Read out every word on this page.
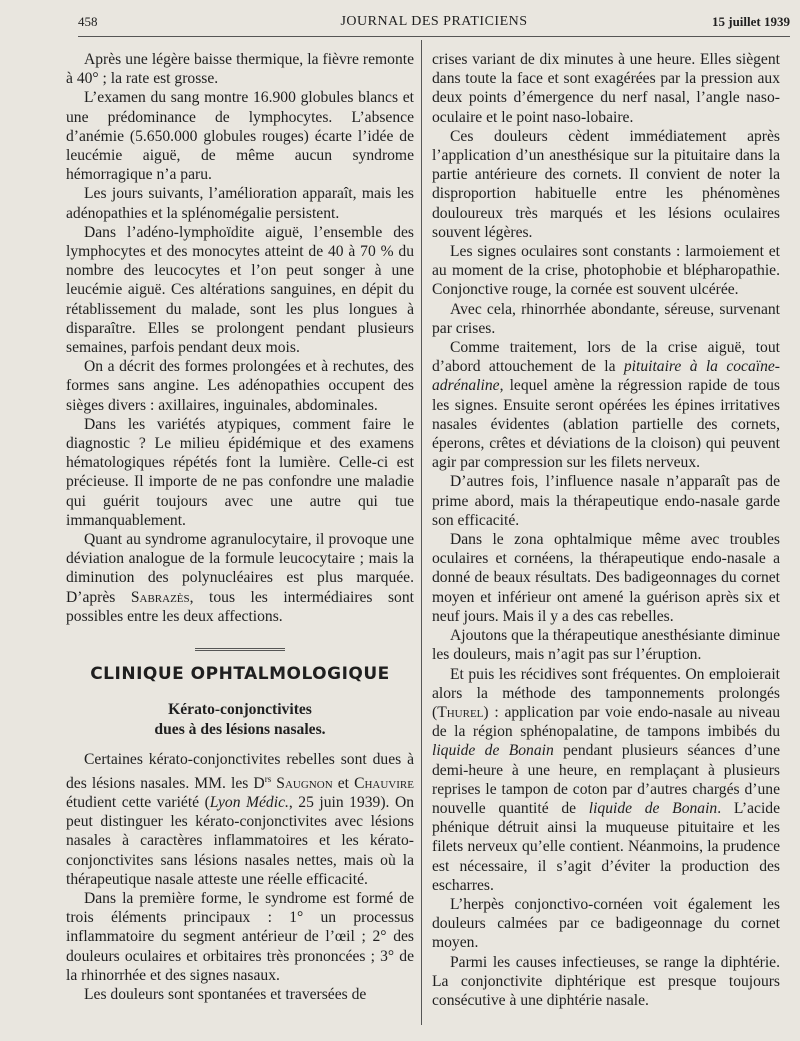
JOURNAL DES PRATICIENS
458	15 juillet 1939

Après une légère baisse thermique, la fièvre remonte à 40° ; la rate est grosse.

L’examen du sang montre 16.900 globules blancs et une prédominance de lymphocytes. L’absence d’anémie (5.650.000 globules rouges) écarte l’idée de leucémie aiguë, de même aucun syndrome hémorragique n’a paru.

Les jours suivants, l’amélioration apparaît, mais les adénopathies et la splénomégalie persistent.

Dans l’adéno-lymphoïdite aiguë, l’ensemble des lymphocytes et des monocytes atteint de 40 à 70 % du nombre des leucocytes et l’on peut songer à une leucémie aiguë. Ces altérations sanguines, en dépit du rétablissement du malade, sont les plus longues à disparaître. Elles se prolongent pendant plusieurs semaines, parfois pendant deux mois.

On a décrit des formes prolongées et à rechutes, des formes sans angine. Les adénopathies occupent des sièges divers : axillaires, inguinales, abdominales.

Dans les variétés atypiques, comment faire le diagnostic ? Le milieu épidémique et des examens hématologiques répétés font la lumière. Celle-ci est précieuse. Il importe de ne pas confondre une maladie qui guérit toujours avec une autre qui tue immanquablement.

Quant au syndrome agranulocytaire, il provoque une déviation analogue de la formule leucocytaire ; mais la diminution des polynucléaires est plus marquée. D’après Sabrazès, tous les intermédiaires sont possibles entre les deux affections.

CLINIQUE OPHTALMOLOGIQUE
Kérato-conjonctivites
dues à des lésions nasales.

Certaines kérato-conjonctivites rebelles sont dues à des lésions nasales. MM. les $D^{rs}$ Saugnon et Chauvire étudient cette variété (Lyon Médic., 25 juin 1939). On peut distinguer les kérato-conjonctivites avec lésions nasales à caractères inflammatoires et les kérato-conjonctivites sans lésions nasales nettes, mais où la thérapeutique nasale atteste une réelle efficacité.

Dans la première forme, le syndrome est formé de trois éléments principaux : 1° un processus inflammatoire du segment antérieur de l’œil ; 2° des douleurs oculaires et orbitaires très prononcées ; 3° de la rhinorrhée et des signes nasaux.

Les douleurs sont spontanées et traversées de

crises variant de dix minutes à une heure. Elles siègent dans toute la face et sont exagérées par la pression aux deux points d’émergence du nerf nasal, l’angle naso-oculaire et le point naso-lobaire.

Ces douleurs cèdent immédiatement après l’application d’un anesthésique sur la pituitaire dans la partie antérieure des cornets. Il convient de noter la disproportion habituelle entre les phénomènes douloureux très marqués et les lésions oculaires souvent légères.

Les signes oculaires sont constants : larmoiement et au moment de la crise, photophobie et blépharopathie. Conjonctive rouge, la cornée est souvent ulcérée.

Avec cela, rhinorrhée abondante, séreuse, survenant par crises.

Comme traitement, lors de la crise aiguë, tout d’abord attouchement de la pituitaire à la cocaïne-adrénaline, lequel amène la régression rapide de tous les signes. Ensuite seront opérées les épines irritatives nasales évidentes (ablation partielle des cornets, éperons, crêtes et déviations de la cloison) qui peuvent agir par compression sur les filets nerveux.

D’autres fois, l’influence nasale n’apparaît pas de prime abord, mais la thérapeutique endo-nasale garde son efficacité.

Dans le zona ophtalmique même avec troubles oculaires et cornéens, la thérapeutique endo-nasale a donné de beaux résultats. Des badigeonnages du cornet moyen et inférieur ont amené la guérison après six et neuf jours. Mais il y a des cas rebelles.

Ajoutons que la thérapeutique anesthésiante diminue les douleurs, mais n’agit pas sur l’éruption.

Et puis les récidives sont fréquentes. On emploierait alors la méthode des tamponnements prolongés (Thurel) : application par voie endo-nasale au niveau de la région sphénopalatine, de tampons imbibés du liquide de Bonain pendant plusieurs séances d’une demi-heure à une heure, en remplaçant à plusieurs reprises le tampon de coton par d’autres chargés d’une nouvelle quantité de liquide de Bonain. L’acide phénique détruit ainsi la muqueuse pituitaire et les filets nerveux qu’elle contient. Néanmoins, la prudence est nécessaire, il s’agit d’éviter la production des escharres.

L’herpès conjonctivo-cornéen voit également les douleurs calmées par ce badigeonnage du cornet moyen.

Parmi les causes infectieuses, se range la diphtérie. La conjonctivite diphtérique est presque toujours consécutive à une diphtérie nasale.
